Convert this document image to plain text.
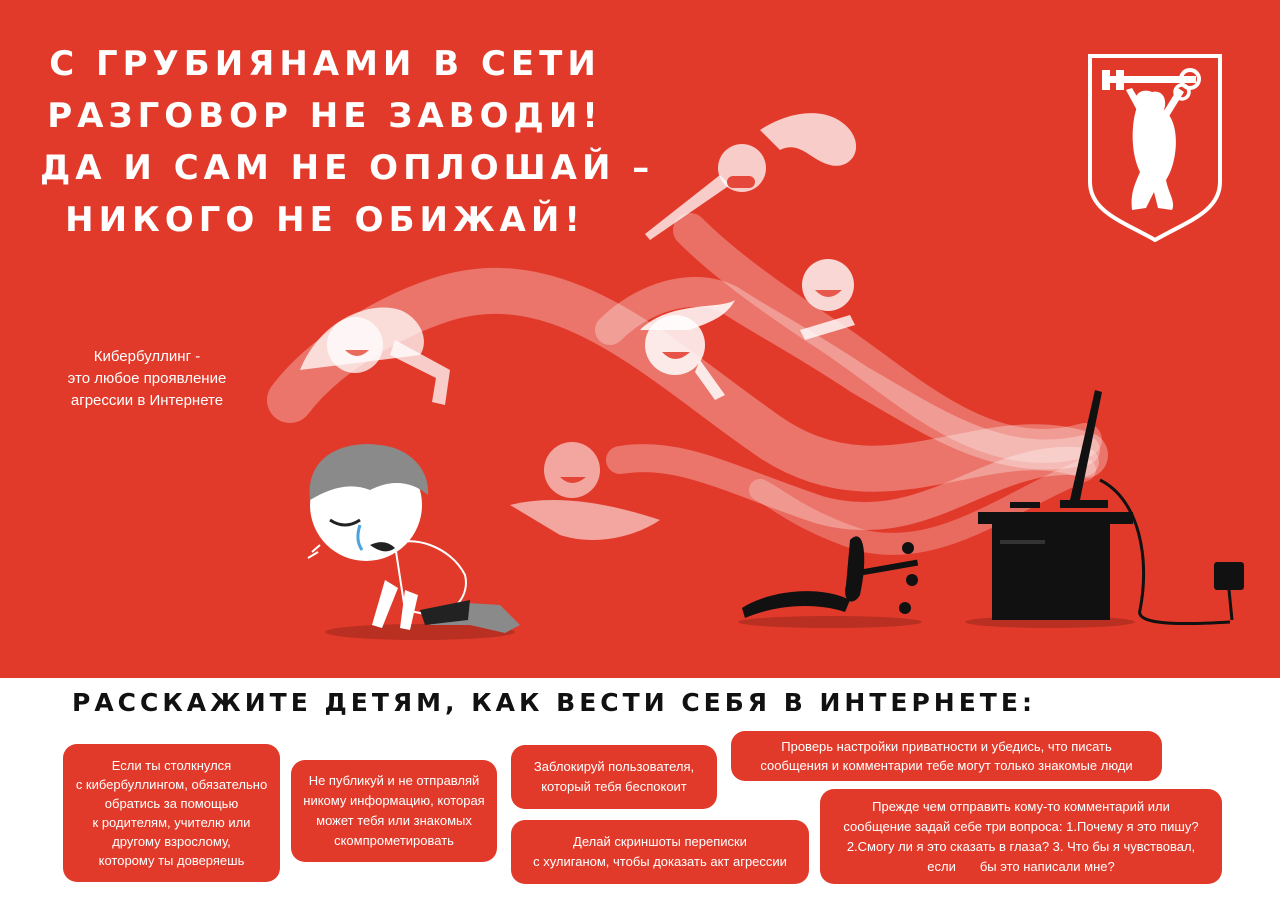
С ГРУБИЯНАМИ В СЕТИ
РАЗГОВОР НЕ ЗАВОДИ!
ДА И САМ НЕ ОПЛОШАЙ –
НИКОГО НЕ ОБИЖАЙ!
Кибербуллинг -
это любое проявление
агрессии в Интернете
РАССКАЖИТЕ ДЕТЯМ, КАК ВЕСТИ СЕБЯ В ИНТЕРНЕТЕ:
Если ты столкнулся
с кибербуллингом, обязательно
обратись за помощью
к родителям, учителю или
другому взрослому,
которому ты доверяешь
Не публикуй и не отправляй
никому информацию, которая
может тебя или знакомых
скомпрометировать
Заблокируй пользователя,
который тебя беспокоит
Делай скриншоты переписки
с хулиганом, чтобы доказать акт агрессии
Проверь настройки приватности и убедись, что писать
сообщения и комментарии тебе могут только знакомые люди
Прежде чем отправить кому-то комментарий или
сообщение задай себе три вопроса: 1.Почему я это пишу?
2.Смогу ли я это сказать в глаза? 3. Что бы я чувствовал,
если бы это написали мне?
